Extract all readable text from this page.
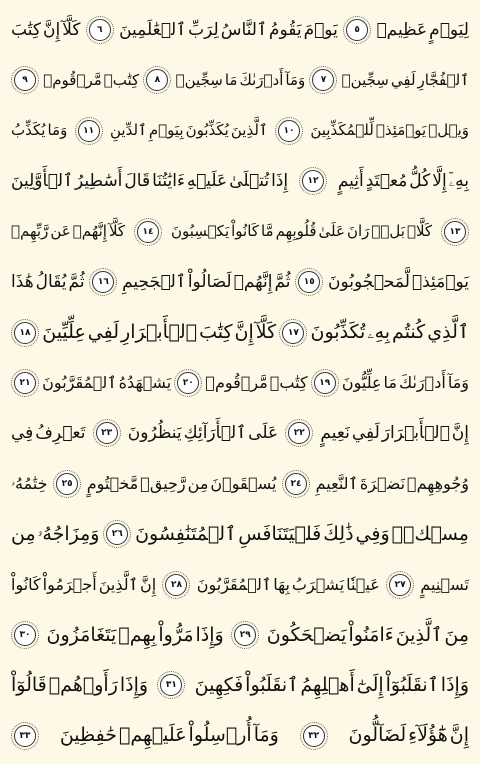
لِيَوۡمٍ
عَظِيمٖ
٥
يَوۡمَ
يَقُومُ
ٱلنَّاسُ
لِرَبِّ
ٱلۡعَٰلَمِينَ
٦
كَلَّآ
إِنَّ
كِتَٰبَ
ٱلۡفُجَّارِ
لَفِي
سِجِّينٖ
٧
وَمَآ
أَدۡرَىٰكَ
مَا
سِجِّينٞ
٨
كِتَٰبٞ
مَّرۡقُومٞ
٩
وَيۡلٞ
يَوۡمَئِذٖ
لِّلۡمُكَذِّبِينَ
١٠
ٱلَّذِينَ
يُكَذِّبُونَ
بِيَوۡمِ
ٱلدِّينِ
١١
وَمَا
يُكَذِّبُ
بِهِۦٓ
إِلَّا
كُلُّ
مُعۡتَدٍ
أَثِيمٍ
١٢
إِذَا
تُتۡلَىٰ
عَلَيۡهِ
ءَايَٰتُنَا
قَالَ
أَسَٰطِيرُ
ٱلۡأَوَّلِينَ
١٣
كَلَّاۖ
بَلۡۜ
رَانَ
عَلَىٰ
قُلُوبِهِم
مَّا
كَانُواْ
يَكۡسِبُونَ
١٤
كَلَّآ
إِنَّهُمۡ
عَن
رَّبِّهِمۡ
يَوۡمَئِذٖ
لَّمَحۡجُوبُونَ
١٥
ثُمَّ
إِنَّهُمۡ
لَصَالُواْ
ٱلۡجَحِيمِ
١٦
ثُمَّ
يُقَالُ
هَٰذَا
ٱلَّذِي
كُنتُم
بِهِۦ
تُكَذِّبُونَ
١٧
كَلَّآ
إِنَّ
كِتَٰبَ
ٱلۡأَبۡرَارِ
لَفِي
عِلِّيِّينَ
١٨
وَمَآ
أَدۡرَىٰكَ
مَا
عِلِّيُّونَ
١٩
كِتَٰبٞ
مَّرۡقُومٞ
٢٠
يَشۡهَدُهُ
ٱلۡمُقَرَّبُونَ
٢١
إِنَّ
ٱلۡأَبۡرَارَ
لَفِي
نَعِيمٍ
٢٢
عَلَى
ٱلۡأَرَآئِكِ
يَنظُرُونَ
٢٣
تَعۡرِفُ
فِي
وُجُوهِهِمۡ
نَضۡرَةَ
ٱلنَّعِيمِ
٢٤
يُسۡقَوۡنَ
مِن
رَّحِيقٖ
مَّخۡتُومٍ
٢٥
خِتَٰمُهُۥ
مِسۡكٞۚ
وَفِي
ذَٰلِكَ
فَلۡيَتَنَافَسِ
ٱلۡمُتَنَٰفِسُونَ
٢٦
وَمِزَاجُهُۥ
مِن
تَسۡنِيمٍ
٢٧
عَيۡنٗا
يَشۡرَبُ
بِهَا
ٱلۡمُقَرَّبُونَ
٢٨
إِنَّ
ٱلَّذِينَ
أَجۡرَمُواْ
كَانُواْ
مِنَ
ٱلَّذِينَ
ءَامَنُواْ
يَضۡحَكُونَ
٢٩
وَإِذَا
مَرُّواْ
بِهِمۡ
يَتَغَامَزُونَ
٣٠
وَإِذَا
ٱنقَلَبُوٓاْ
إِلَىٰٓ
أَهۡلِهِمُ
ٱنقَلَبُواْ
فَكِهِينَ
٣١
وَإِذَا
رَأَوۡهُمۡ
قَالُوٓاْ
إِنَّ
هَٰٓؤُلَآءِ
لَضَآلُّونَ
٣٢
وَمَآ
أُرۡسِلُواْ
عَلَيۡهِمۡ
حَٰفِظِينَ
٣٣
